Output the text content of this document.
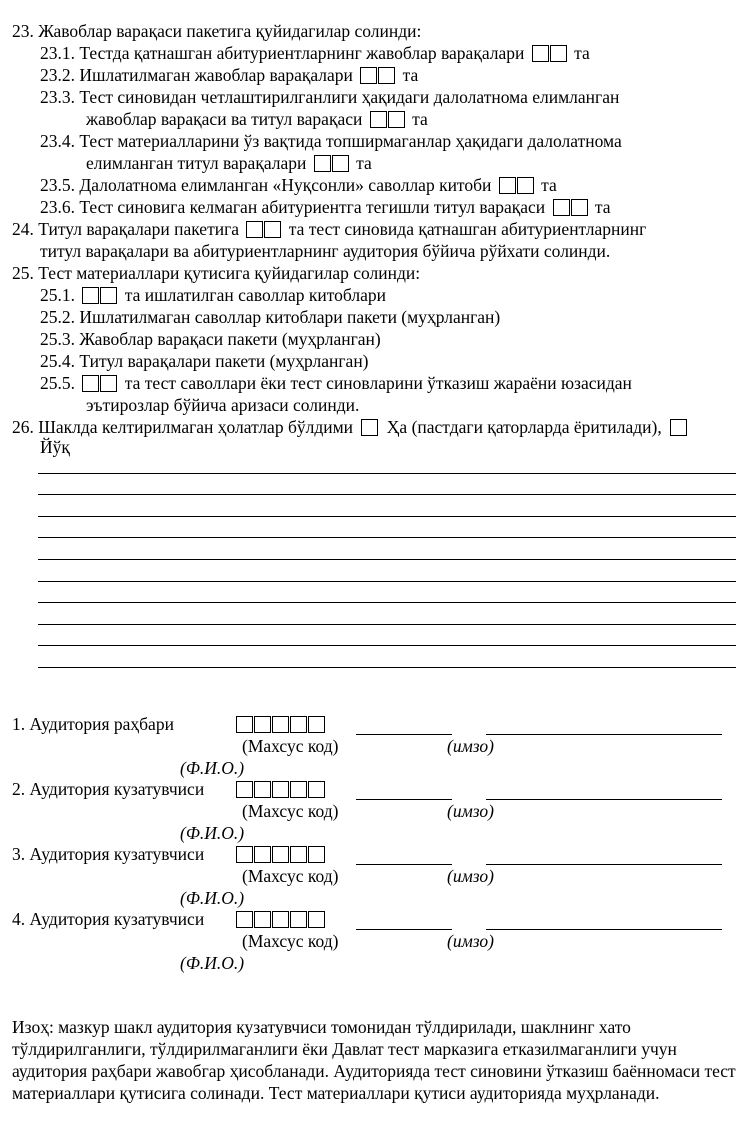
23. Жавоблар варақаси пакетига қуйидагилар солинди:
23.1. Тестда қатнашган абитуриентларнинг жавоблар варақалари	та
23.2. Ишлатилмаган жавоблар варақалари	та
23.3. Тест синовидан четлаштирилганлиги ҳақидаги далолатнома елимланган
жавоблар варақаси ва титул варақаси	та
23.4. Тест материалларини ўз вақтида топширмаганлар ҳақидаги далолатнома
елимланган титул варақалари	та
23.5. Далолатнома елимланган «Нуқсонли» саволлар китоби	та
23.6. Тест синовига келмаган абитуриентга тегишли титул варақаси	та
24. Титул варақалари пакетига	та тест синовида қатнашган абитуриентларнинг
титул варақалари ва абитуриентларнинг аудитория бўйича рўйхати солинди.
25. Тест материаллари қутисига қуйидагилар солинди:
25.1.	та ишлатилган саволлар китоблари
25.2. Ишлатилмаган саволлар китоблари пакети (муҳрланган)
25.3. Жавоблар варақаси пакети (муҳрланган)
25.4. Титул варақалари пакети (муҳрланган)
25.5.	та тест саволлари ёки тест синовларини ўтказиш жараёни юзасидан
эътирозлар бўйича аризаси солинди.
26. Шаклда келтирилмаган ҳолатлар бўлдими Ҳа (пастдаги қаторларда ёритилади),
Йўқ
1. Аудитория раҳбари
(Махсус код)	(имзо)
(Ф.И.О.)
2. Аудитория кузатувчиси
(Махсус код)	(имзо)
(Ф.И.О.)
3. Аудитория кузатувчиси
(Махсус код)	(имзо)
(Ф.И.О.)
4. Аудитория кузатувчиси
(Махсус код)	(имзо)
(Ф.И.О.)
Изоҳ: мазкур шакл аудитория кузатувчиси томонидан тўлдирилади, шаклнинг хато тўлдирилганлиги, тўлдирилмаганлиги ёки Давлат тест марказига етказилмаганлиги учун аудитория раҳбари жавобгар ҳисобланади. Аудиторияда тест синовини ўтказиш баённомаси тест материаллари қутисига солинади. Тест материаллари қутиси аудиторияда муҳрланади.
